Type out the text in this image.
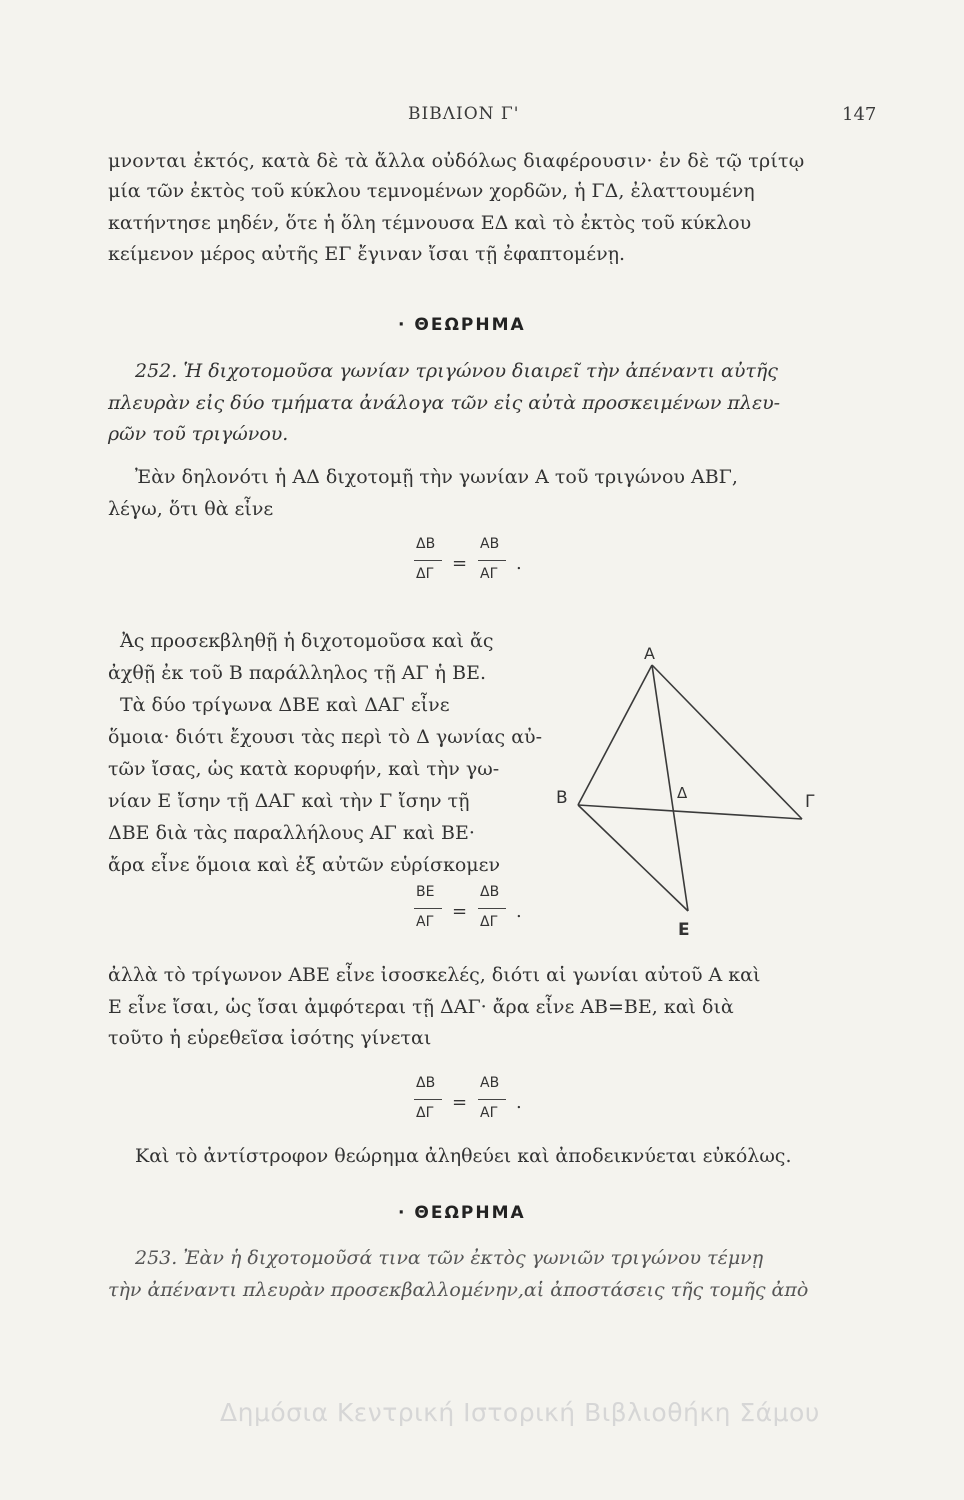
ΒΙΒΛΙΟΝ Γ'	147
μνονται ἐκτός, κατὰ δὲ τὰ ἄλλα οὐδόλως διαφέρουσιν· ἐν δὲ τῷ τρίτῳ
μία τῶν ἐκτὸς τοῦ κύκλου τεμνομένων χορδῶν, ἡ ΓΔ, ἐλαττουμένη
κατήντησε μηδέν, ὅτε ἡ ὅλη τέμνουσα ΕΔ καὶ τὸ ἐκτὸς τοῦ κύκλου
κείμενον μέρος αὐτῆς ΕΓ ἔγιναν ἴσαι τῇ ἐφαπτομένῃ.
· ΘΕΩΡΗΜΑ
252. Ἡ διχοτομοῦσα γωνίαν τριγώνου διαιρεῖ τὴν ἀπέναντι αὐτῆς
πλευρὰν εἰς δύο τμήματα ἀνάλογα τῶν εἰς αὐτὰ προσκειμένων πλευ-
ρῶν τοῦ τριγώνου.
Ἐὰν δηλονότι ἡ ΑΔ διχοτομῇ τὴν γωνίαν Α τοῦ τριγώνου ΑΒΓ,
λέγω, ὅτι θὰ εἶνε
ΔΒ
ΔΓ =
ΑΒ
ΑΓ .
Ἀς προσεκβληθῇ ἡ διχοτομοῦσα καὶ ἄς
ἀχθῇ ἐκ τοῦ Β παράλληλος τῇ ΑΓ ἡ ΒΕ.
Τὰ δύο τρίγωνα ΔΒΕ καὶ ΔΑΓ εἶνε
ὅμοια· διότι ἔχουσι τὰς περὶ τὸ Δ γωνίας αὐ-
τῶν ἴσας, ὡς κατὰ κορυφήν, καὶ τὴν γω-
νίαν Ε ἴσην τῇ ΔΑΓ καὶ τὴν Γ ἴσην τῇ
ΔΒΕ διὰ τὰς παραλλήλους ΑΓ καὶ ΒΕ·
ἄρα εἶνε ὅμοια καὶ ἐξ αὐτῶν εὑρίσκομεν
ΒΕ
ΑΓ =
ΔΒ
ΔΓ .
Α
Β	Δ	Γ
Ε
ἀλλὰ τὸ τρίγωνον ΑΒΕ εἶνε ἰσοσκελές, διότι αἱ γωνίαι αὐτοῦ Α καὶ
Ε εἶνε ἴσαι, ὡς ἴσαι ἀμφότεραι τῇ ΔΑΓ· ἄρα εἶνε ΑΒ=ΒΕ, καὶ διὰ
τοῦτο ἡ εὑρεθεῖσα ἰσότης γίνεται
ΔΒ
ΔΓ =
ΑΒ
ΑΓ .
Καὶ τὸ ἀντίστροφον θεώρημα ἀληθεύει καὶ ἀποδεικνύεται εὐκόλως.
· ΘΕΩΡΗΜΑ
253. Ἐὰν ἡ διχοτομοῦσά τινα τῶν ἐκτὸς γωνιῶν τριγώνου τέμνῃ
τὴν ἀπέναντι πλευρὰν προσεκβαλλομένην,αἱ ἀποστάσεις τῆς τομῆς ἀπὸ
Δημόσια Κεντρική Ιστορική Βιβλιοθήκη Σάμου
